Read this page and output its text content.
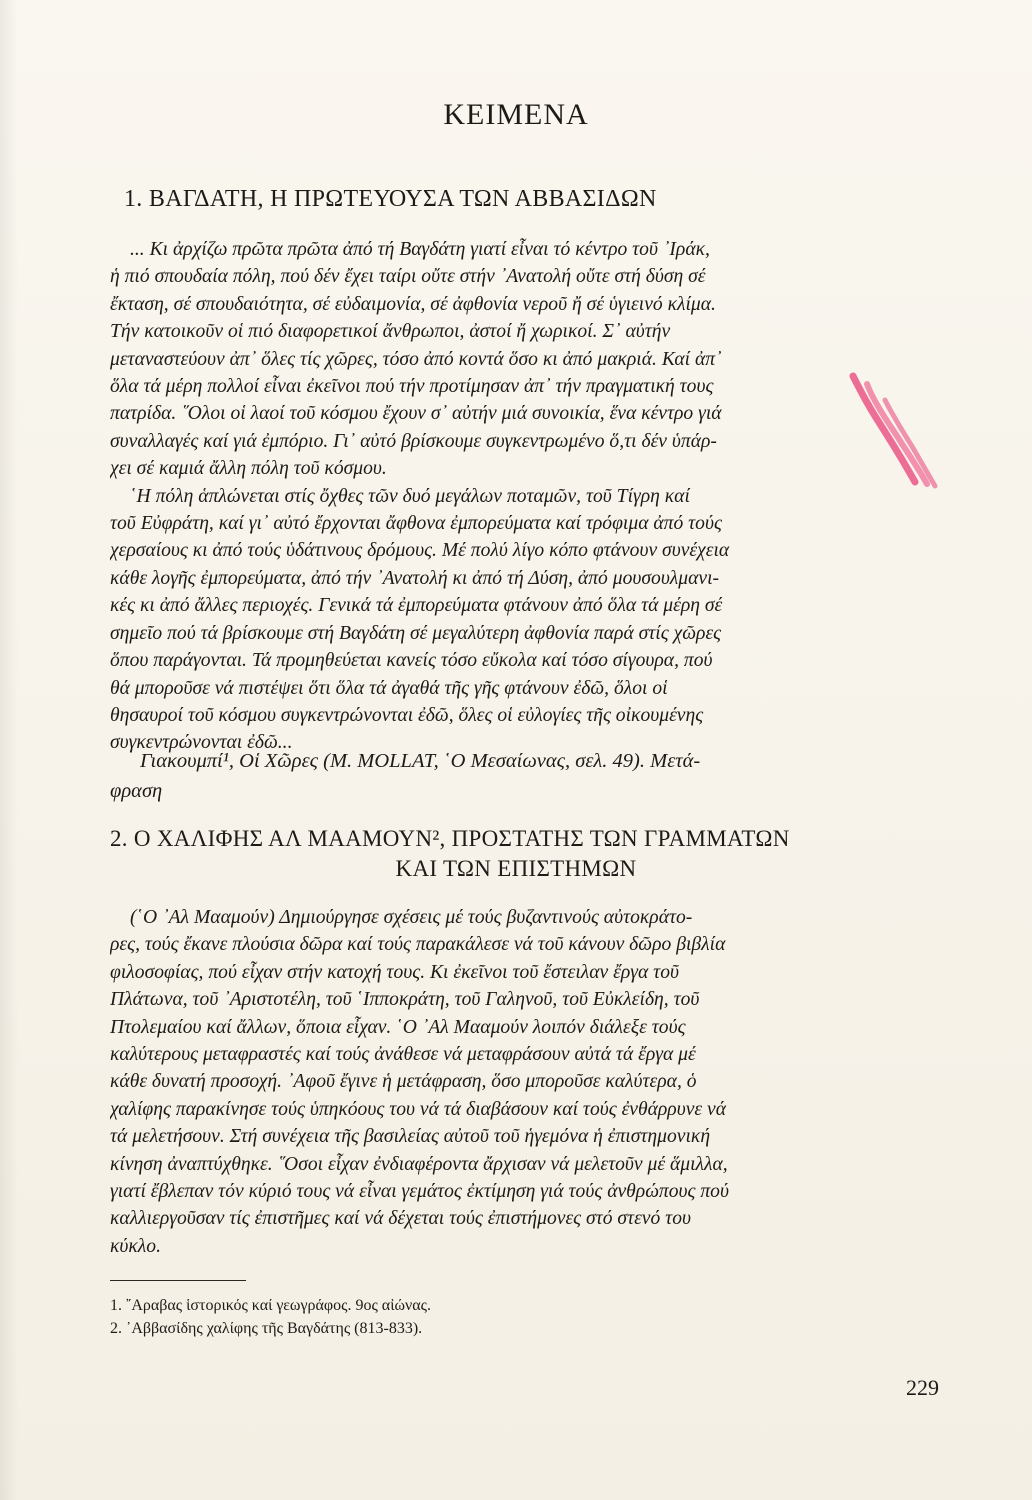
ΚΕΙΜΕΝΑ
1. ΒΑΓΔΑΤΗ, Η ΠΡΩΤΕΥΟΥΣΑ ΤΩΝ ΑΒΒΑΣΙΔΩΝ
... Κι ἀρχίζω πρῶτα πρῶτα ἀπό τή Βαγδάτη γιατί εἶναι τό κέντρο τοῦ ᾽Ιράκ,
ἡ πιό σπουδαία πόλη, πού δέν ἔχει ταίρι οὔτε στήν ᾽Ανατολή οὔτε στή δύση σέ
ἔκταση, σέ σπουδαιότητα, σέ εὐδαιμονία, σέ ἀφθονία νεροῦ ἤ σέ ὑγιεινό κλίμα.
Τήν κατοικοῦν οἱ πιό διαφορετικοί ἄνθρωποι, ἀστοί ἤ χωρικοί. Σ᾽ αὐτήν
μεταναστεύουν ἀπ᾽ ὅλες τίς χῶρες, τόσο ἀπό κοντά ὅσο κι ἀπό μακριά. Καί ἀπ᾽
ὅλα τά μέρη πολλοί εἶναι ἐκεῖνοι πού τήν προτίμησαν ἀπ᾽ τήν πραγματική τους
πατρίδα. ῞Ολοι οἱ λαοί τοῦ κόσμου ἔχουν σ᾽ αὐτήν μιά συνοικία, ἕνα κέντρο γιά
συναλλαγές καί γιά ἐμπόριο. Γι᾽ αὐτό βρίσκουμε συγκεντρωμένο ὅ,τι δέν ὑπάρ-
χει σέ καμιά ἄλλη πόλη τοῦ κόσμου.
῾Η πόλη ἁπλώνεται στίς ὄχθες τῶν δυό μεγάλων ποταμῶν, τοῦ Τίγρη καί
τοῦ Εὐφράτη, καί γι᾽ αὐτό ἔρχονται ἄφθονα ἐμπορεύματα καί τρόφιμα ἀπό τούς
χερσαίους κι ἀπό τούς ὑδάτινους δρόμους. Μέ πολύ λίγο κόπο φτάνουν συνέχεια
κάθε λογῆς ἐμπορεύματα, ἀπό τήν ᾽Ανατολή κι ἀπό τή Δύση, ἀπό μουσουλμανι-
κές κι ἀπό ἄλλες περιοχές. Γενικά τά ἐμπορεύματα φτάνουν ἀπό ὅλα τά μέρη σέ
σημεῖο πού τά βρίσκουμε στή Βαγδάτη σέ μεγαλύτερη ἀφθονία παρά στίς χῶρες
ὅπου παράγονται. Τά προμηθεύεται κανείς τόσο εὔκολα καί τόσο σίγουρα, πού
θά μποροῦσε νά πιστέψει ὅτι ὅλα τά ἀγαθά τῆς γῆς φτάνουν ἐδῶ, ὅλοι οἱ
θησαυροί τοῦ κόσμου συγκεντρώνονται ἐδῶ, ὅλες οἱ εὐλογίες τῆς οἰκουμένης
συγκεντρώνονται ἐδῶ...
Γιακουμπί¹, Οἱ Χῶρες (Μ. MOLLAT, ῾Ο Μεσαίωνας, σελ. 49). Μετά-
φραση
2. Ο ΧΑΛΙΦΗΣ ΑΛ ΜΑΑΜΟΥΝ², ΠΡΟΣΤΑΤΗΣ ΤΩΝ ΓΡΑΜΜΑΤΩΝ
ΚΑΙ ΤΩΝ ΕΠΙΣΤΗΜΩΝ
(῾Ο ᾽Αλ Μααμούν) Δημιούργησε σχέσεις μέ τούς βυζαντινούς αὐτοκράτο-
ρες, τούς ἔκανε πλούσια δῶρα καί τούς παρακάλεσε νά τοῦ κάνουν δῶρο βιβλία
φιλοσοφίας, πού εἶχαν στήν κατοχή τους. Κι ἐκεῖνοι τοῦ ἔστειλαν ἔργα τοῦ
Πλάτωνα, τοῦ ᾽Αριστοτέλη, τοῦ ῾Ιπποκράτη, τοῦ Γαληνοῦ, τοῦ Εὐκλείδη, τοῦ
Πτολεμαίου καί ἄλλων, ὅποια εἶχαν. ῾Ο ᾽Αλ Μααμούν λοιπόν διάλεξε τούς
καλύτερους μεταφραστές καί τούς ἀνάθεσε νά μεταφράσουν αὐτά τά ἔργα μέ
κάθε δυνατή προσοχή. ᾽Αφοῦ ἔγινε ἡ μετάφραση, ὅσο μποροῦσε καλύτερα, ὁ
χαλίφης παρακίνησε τούς ὑπηκόους του νά τά διαβάσουν καί τούς ἐνθάρρυνε νά
τά μελετήσουν. Στή συνέχεια τῆς βασιλείας αὐτοῦ τοῦ ἡγεμόνα ἡ ἐπιστημονική
κίνηση ἀναπτύχθηκε. ῞Οσοι εἶχαν ἐνδιαφέροντα ἄρχισαν νά μελετοῦν μέ ἅμιλλα,
γιατί ἔβλεπαν τόν κύριό τους νά εἶναι γεμάτος ἐκτίμηση γιά τούς ἀνθρώπους πού
καλλιεργοῦσαν τίς ἐπιστῆμες καί νά δέχεται τούς ἐπιστήμονες στό στενό του
κύκλο.
1. ῎Αραβας ἱστορικός καί γεωγράφος. 9ος αἰώνας.
2. ᾽Αββασίδης χαλίφης τῆς Βαγδάτης (813-833).
229
